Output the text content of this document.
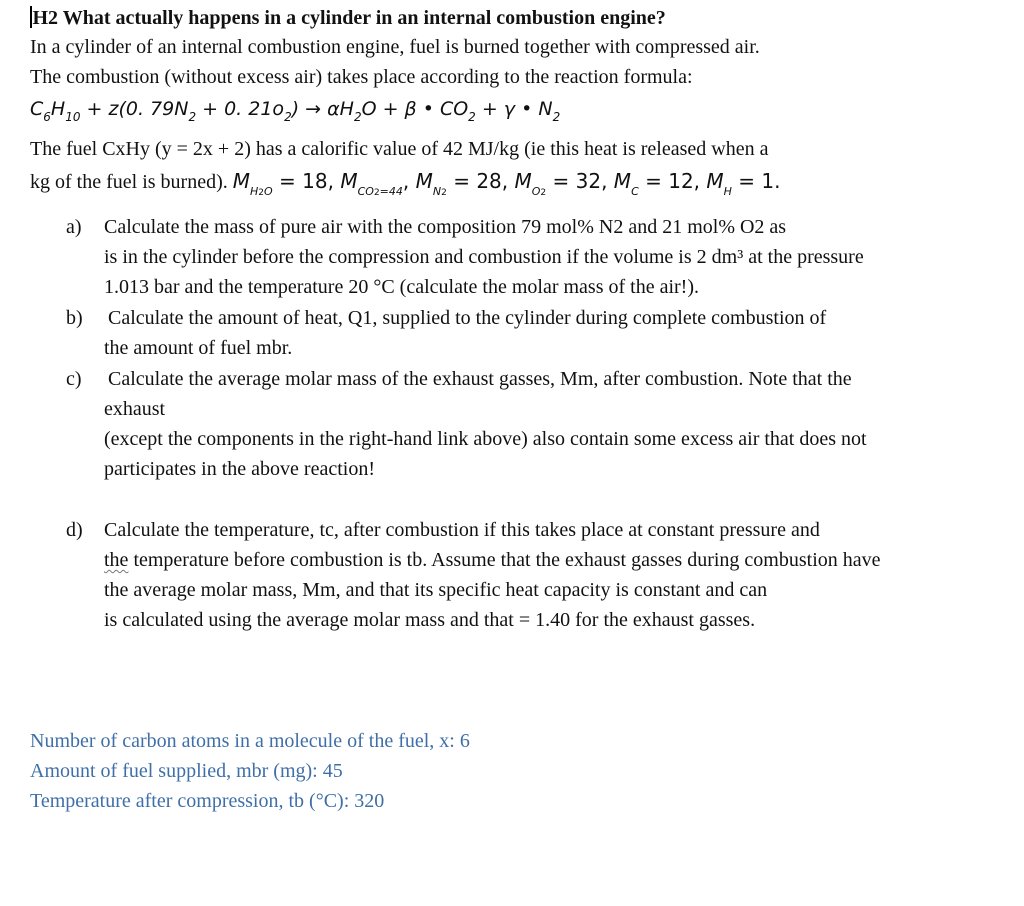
H2 What actually happens in a cylinder in an internal combustion engine?
In a cylinder of an internal combustion engine, fuel is burned together with compressed air.
The combustion (without excess air) takes place according to the reaction formula:
$C_6H_{10} + z(0$. $79N_2 + 0$. $21o_2) \to \alpha H_2O + \beta$ • $CO_2 + \gamma$ • $N_2$
The fuel CxHy (y = 2x + 2) has a calorific value of 42 MJ/kg (ie this heat is released when a
kg of the fuel is burned). $M_{H2O} = 18$, $M_{CO2=44}$, $M_{N2} = 28$, $M_{O2} = 32$, $M_C = 12$, $M_H = 1$.
a) Calculate the mass of pure air with the composition 79 mol% N2 and 21 mol% O2 as
is in the cylinder before the compression and combustion if the volume is 2 dm³ at the pressure
1.013 bar and the temperature 20 °C (calculate the molar mass of the air!).
b) Calculate the amount of heat, Q1, supplied to the cylinder during complete combustion of
the amount of fuel mbr.
c) Calculate the average molar mass of the exhaust gasses, Mm, after combustion. Note that the
exhaust
(except the components in the right-hand link above) also contain some excess air that does not
participates in the above reaction!
d) Calculate the temperature, tc, after combustion if this takes place at constant pressure and
the temperature before combustion is tb. Assume that the exhaust gasses during combustion have
the average molar mass, Mm, and that its specific heat capacity is constant and can
is calculated using the average molar mass and that = 1.40 for the exhaust gasses.
Number of carbon atoms in a molecule of the fuel, x: 6
Amount of fuel supplied, mbr (mg): 45
Temperature after compression, tb (°C): 320
